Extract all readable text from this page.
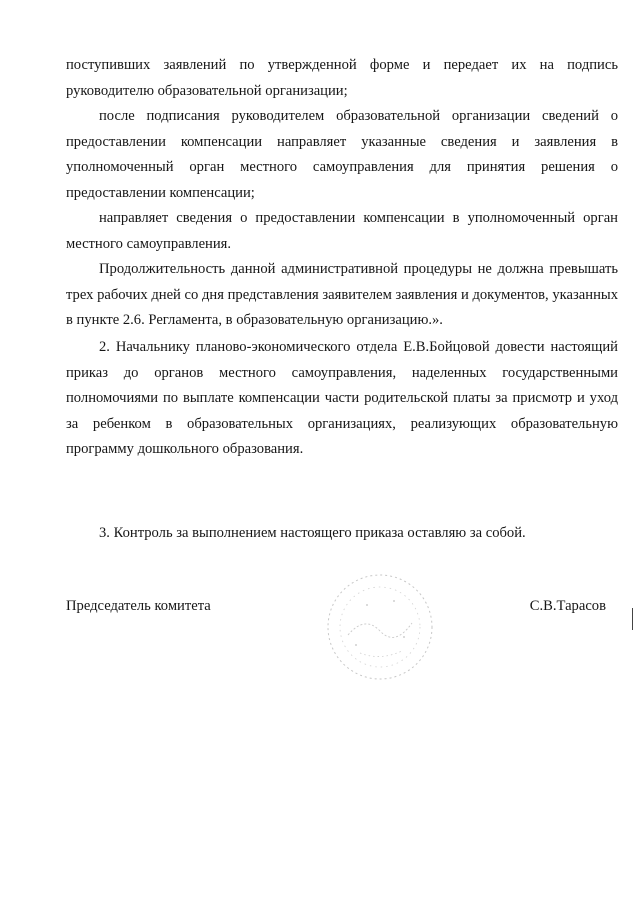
поступивших заявлений по утвержденной форме и передает их на подпись руководителю образовательной организации;

после подписания руководителем образовательной организации сведений о предоставлении компенсации направляет указанные сведения и заявления в уполномоченный орган местного самоуправления для принятия решения о предоставлении компенсации;

направляет сведения о предоставлении компенсации в уполномоченный орган местного самоуправления.

Продолжительность данной административной процедуры не должна превышать трех рабочих дней со дня представления заявителем заявления и документов, указанных в пункте 2.6. Регламента, в образовательную организацию.».

2. Начальнику планово-экономического отдела Е.В.Бойцовой довести настоящий приказ до органов местного самоуправления, наделенных государственными полномочиями по выплате компенсации части родительской платы за присмотр и уход за ребенком в образовательных организациях, реализующих образовательную программу дошкольного образования.

3. Контроль за выполнением настоящего приказа оставляю за собой.

Председатель комитета	С.В.Тарасов
